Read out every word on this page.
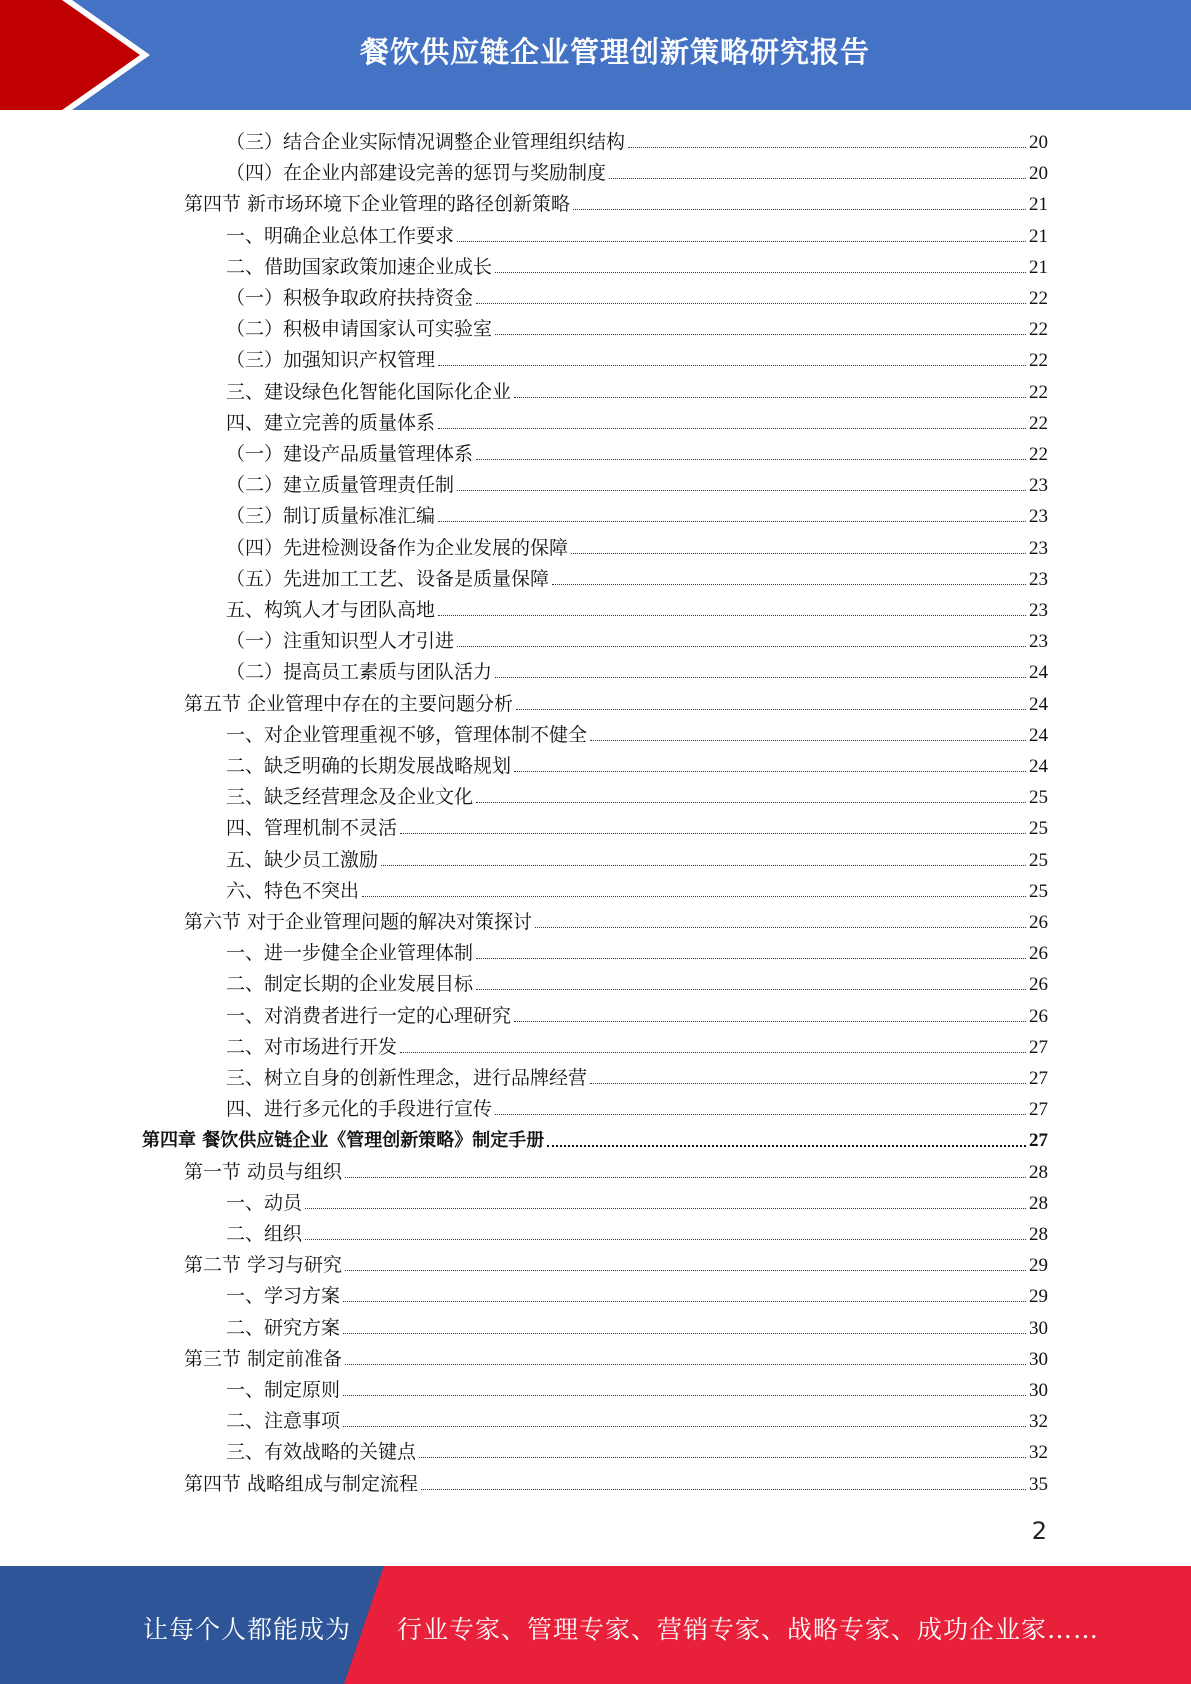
餐饮供应链企业管理创新策略研究报告
（三）结合企业实际情况调整企业管理组织结构	20
（四）在企业内部建设完善的惩罚与奖励制度	20
第四节 新市场环境下企业管理的路径创新策略	21
一、明确企业总体工作要求	21
二、借助国家政策加速企业成长	21
（一）积极争取政府扶持资金	22
（二）积极申请国家认可实验室	22
（三）加强知识产权管理	22
三、建设绿色化智能化国际化企业	22
四、建立完善的质量体系	22
（一）建设产品质量管理体系	22
（二）建立质量管理责任制	23
（三）制订质量标准汇编	23
（四）先进检测设备作为企业发展的保障	23
（五）先进加工工艺、设备是质量保障	23
五、构筑人才与团队高地	23
（一）注重知识型人才引进	23
（二）提高员工素质与团队活力	24
第五节 企业管理中存在的主要问题分析	24
一、对企业管理重视不够，管理体制不健全	24
二、缺乏明确的长期发展战略规划	24
三、缺乏经营理念及企业文化	25
四、管理机制不灵活	25
五、缺少员工激励	25
六、特色不突出	25
第六节 对于企业管理问题的解决对策探讨	26
一、进一步健全企业管理体制	26
二、制定长期的企业发展目标	26
一、对消费者进行一定的心理研究	26
二、对市场进行开发	27
三、树立自身的创新性理念，进行品牌经营	27
四、进行多元化的手段进行宣传	27
第四章 餐饮供应链企业《管理创新策略》制定手册	27
第一节 动员与组织	28
一、动员	28
二、组织	28
第二节 学习与研究	29
一、学习方案	29
二、研究方案	30
第三节 制定前准备	30
一、制定原则	30
二、注意事项	32
三、有效战略的关键点	32
第四节 战略组成与制定流程	35
2
让每个人都能成为 行业专家、管理专家、营销专家、战略专家、成功企业家……
